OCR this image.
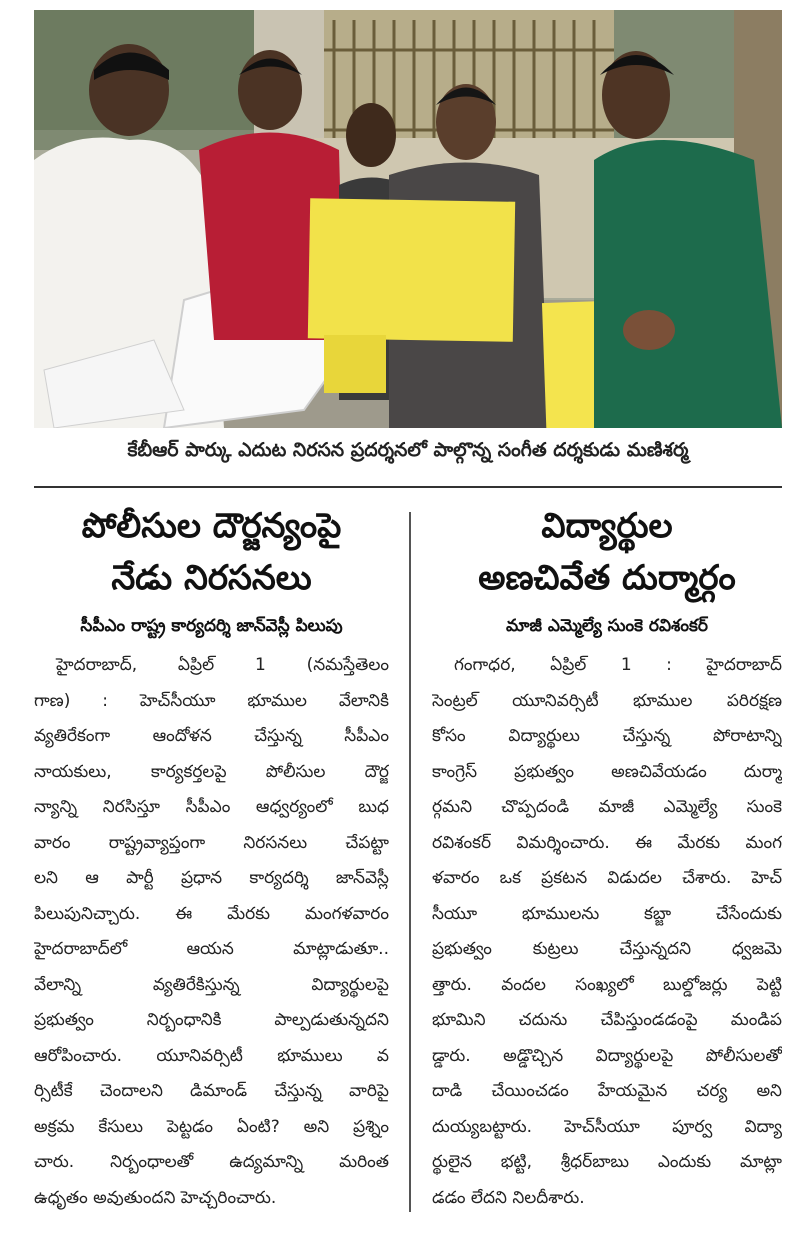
కేబీఆర్ పార్కు ఎదుట నిరసన ప్రదర్శనలో పాల్గొన్న సంగీత దర్శకుడు మణిశర్మ

పోలీసుల దౌర్జన్యంపై
నేడు నిరసనలు

సీపీఎం రాష్ట్ర కార్యదర్శి జాన్‌వెస్లీ పిలుపు

హైదరాబాద్, ఏప్రిల్ 1 (నమస్తేతెలం
గాణ) : హెచ్‌సీయూ భూముల వేలానికి
వ్యతిరేకంగా ఆందోళన చేస్తున్న సీపీఎం
నాయకులు, కార్యకర్తలపై పోలీసుల దౌర్జ
న్యాన్ని నిరసిస్తూ సీపీఎం ఆధ్వర్యంలో బుధ
వారం రాష్ట్రవ్యాప్తంగా నిరసనలు చేపట్టా
లని ఆ పార్టీ ప్రధాన కార్యదర్శి జాన్‌వెస్లీ
పిలుపునిచ్చారు. ఈ మేరకు మంగళవారం
హైదరాబాద్‌లో ఆయన మాట్లాడుతూ..
వేలాన్ని వ్యతిరేకిస్తున్న విద్యార్థులపై
ప్రభుత్వం నిర్బంధానికి పాల్పడుతున్నదని
ఆరోపించారు. యూనివర్సిటీ భూములు వ
ర్సిటీకే చెందాలని డిమాండ్ చేస్తున్న వారిపై
అక్రమ కేసులు పెట్టడం ఏంటి? అని ప్రశ్నిం
చారు. నిర్బంధాలతో ఉద్యమాన్ని మరింత
ఉధృతం అవుతుందని హెచ్చరించారు.

విద్యార్థుల
అణచివేత దుర్మార్గం

మాజీ ఎమ్మెల్యే సుంకె రవిశంకర్

గంగాధర, ఏప్రిల్ 1 : హైదరాబాద్
సెంట్రల్ యూనివర్సిటీ భూముల పరిరక్షణ
కోసం విద్యార్థులు చేస్తున్న పోరాటాన్ని
కాంగ్రెస్ ప్రభుత్వం అణచివేయడం దుర్మా
ర్గమని చొప్పదండి మాజీ ఎమ్మెల్యే సుంకె
రవిశంకర్ విమర్శించారు. ఈ మేరకు మంగ
ళవారం ఒక ప్రకటన విడుదల చేశారు. హెచ్
సీయూ భూములను కబ్జా చేసేందుకు
ప్రభుత్వం కుట్రలు చేస్తున్నదని ధ్వజమె
త్తారు. వందల సంఖ్యలో బుల్డోజర్లు పెట్టి
భూమిని చదును చేపిస్తుండడంపై మండిప
డ్డారు. అడ్డొచ్చిన విద్యార్థులపై పోలీసులతో
దాడి చేయించడం హేయమైన చర్య అని
దుయ్యబట్టారు. హెచ్‌సీయూ పూర్వ విద్యా
ర్థులైన భట్టి, శ్రీధర్‌బాబు ఎందుకు మాట్లా
డడం లేదని నిలదీశారు.
